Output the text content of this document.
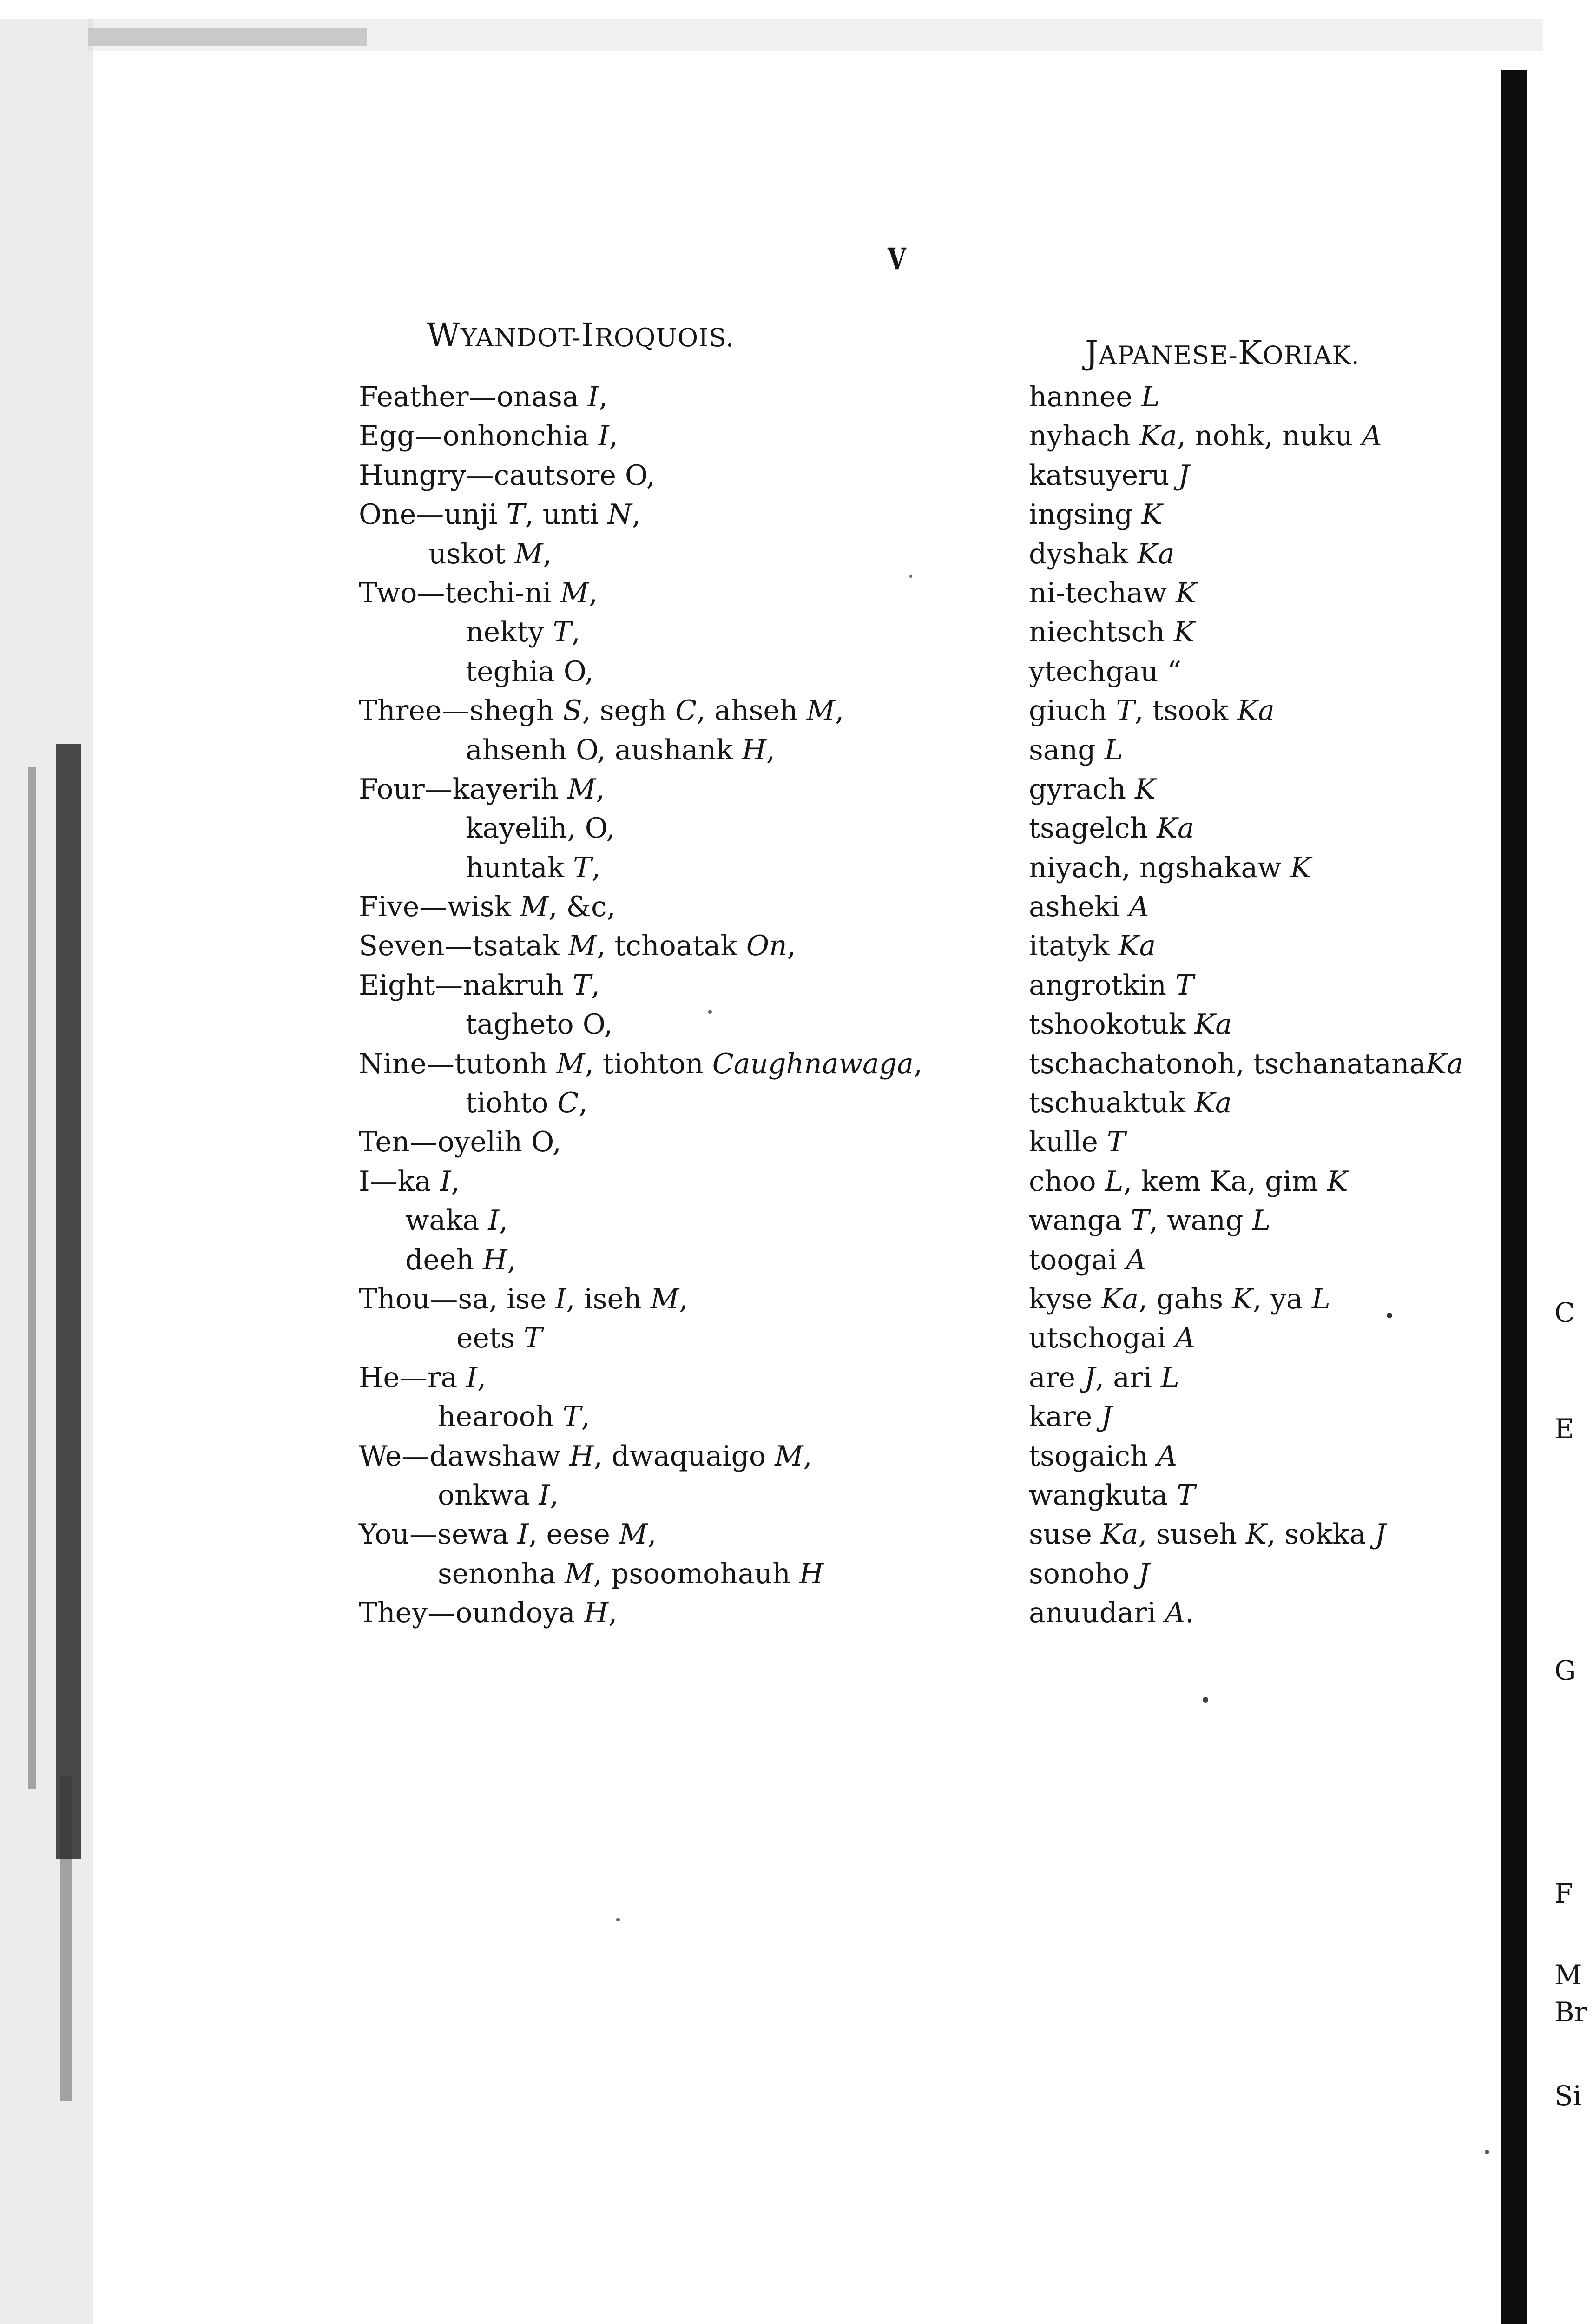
V
WYANDOT-IROQUOIS.	JAPANESE-KORIAK.
Feather—onasa I,
Egg—onhonchia I,
Hungry—cautsore O,
One—unji T, unti N,
uskot M,
Two—techi-ni M,
nekty T,
teghia O,
Three—shegh S, segh C, ahseh M,
ahsenh O, aushank H,
Four—kayerih M,
kayelih, O,
huntak T,
Five—wisk M, &c,
Seven—tsatak M, tchoatak On,
Eight—nakruh T,
tagheto O,
Nine—tutonh M, tiohton Caughnawaga,
tiohto C,
Ten—oyelih O,
I—ka I,
waka I,
deeh H,
Thou—sa, ise I, iseh M,
eets T
He—ra I,
hearooh T,
We—dawshaw H, dwaquaigo M,
onkwa I,
You—sewa I, eese M,
senonha M, psoomohauh H
They—oundoya H,
hannee L
nyhach Ka, nohk, nuku A
katsuyeru J
ingsing K
dyshak Ka
ni-techaw K
niechtsch K
ytechgau “
giuch T, tsook Ka
sang L
gyrach K
tsagelch Ka
niyach, ngshakaw K
asheki A
itatyk Ka
angrotkin T
tshookotuk Ka
tschachatonoh, tschanatanaKa
tschuaktuk Ka
kulle T
choo L, kem Ka, gim K
wanga T, wang L
toogai A
kyse Ka, gahs K, ya L
utschogai A
are J, ari L
kare J
tsogaich A
wangkuta T
suse Ka, suseh K, sokka J
sonoho J
anuudari A.
C
E
G
F
M
Br
Si
